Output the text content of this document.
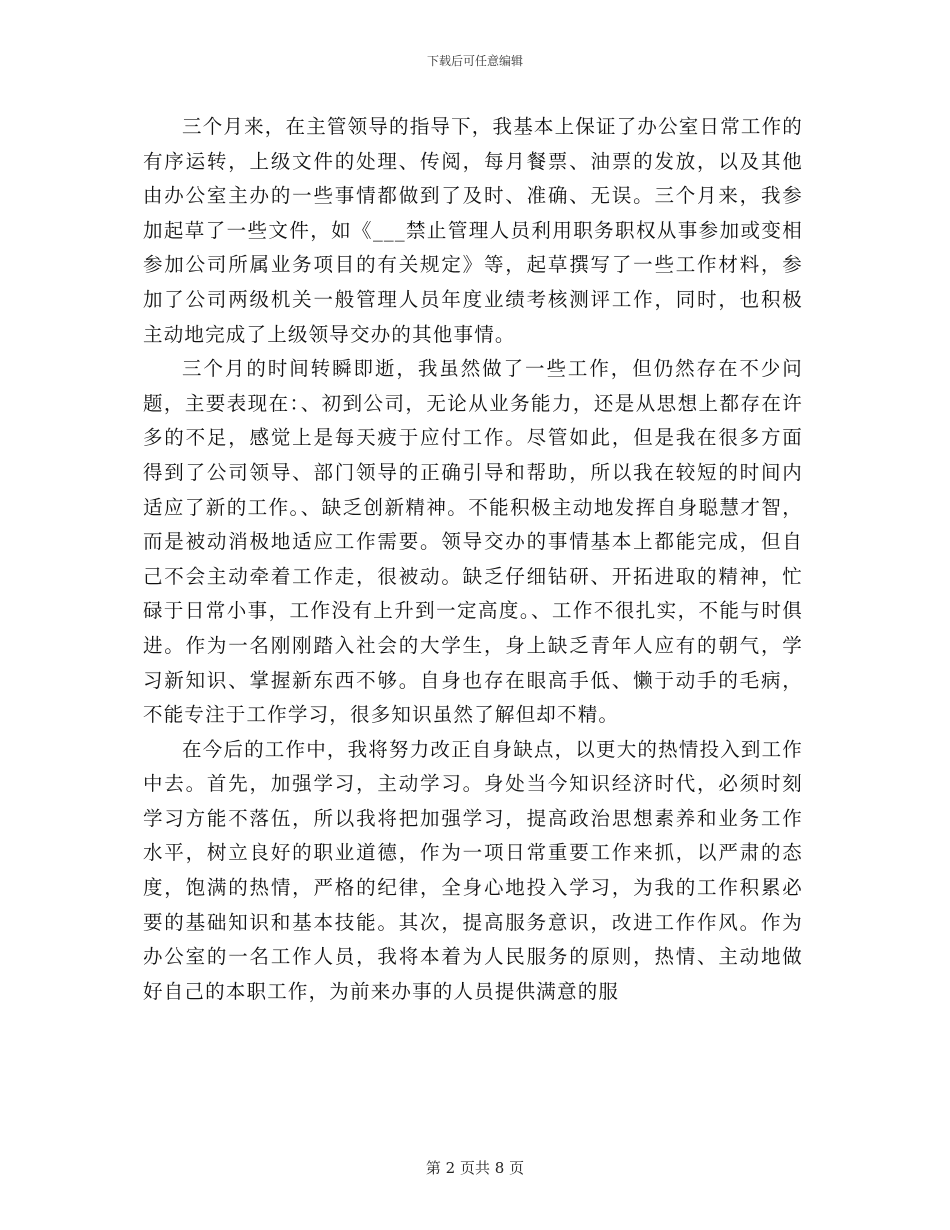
下载后可任意编辑

三个月来，在主管领导的指导下，我基本上保证了办公室日常工作的有序运转，上级文件的处理、传阅，每月餐票、油票的发放，以及其他由办公室主办的一些事情都做到了及时、准确、无误。三个月来，我参加起草了一些文件，如《___禁止管理人员利用职务职权从事参加或变相参加公司所属业务项目的有关规定》等，起草撰写了一些工作材料，参加了公司两级机关一般管理人员年度业绩考核测评工作，同时，也积极主动地完成了上级领导交办的其他事情。

三个月的时间转瞬即逝，我虽然做了一些工作，但仍然存在不少问题，主要表现在：、初到公司，无论从业务能力，还是从思想上都存在许多的不足，感觉上是每天疲于应付工作。尽管如此，但是我在很多方面得到了公司领导、部门领导的正确引导和帮助，所以我在较短的时间内适应了新的工作。、缺乏创新精神。不能积极主动地发挥自身聪慧才智，而是被动消极地适应工作需要。领导交办的事情基本上都能完成，但自己不会主动牵着工作走，很被动。缺乏仔细钻研、开拓进取的精神，忙碌于日常小事，工作没有上升到一定高度。、工作不很扎实，不能与时俱进。作为一名刚刚踏入社会的大学生，身上缺乏青年人应有的朝气，学习新知识、掌握新东西不够。自身也存在眼高手低、懒于动手的毛病，不能专注于工作学习，很多知识虽然了解但却不精。

在今后的工作中，我将努力改正自身缺点，以更大的热情投入到工作中去。首先，加强学习，主动学习。身处当今知识经济时代，必须时刻学习方能不落伍，所以我将把加强学习，提高政治思想素养和业务工作水平，树立良好的职业道德，作为一项日常重要工作来抓，以严肃的态度，饱满的热情，严格的纪律，全身心地投入学习，为我的工作积累必要的基础知识和基本技能。其次，提高服务意识，改进工作作风。作为办公室的一名工作人员，我将本着为人民服务的原则，热情、主动地做好自己的本职工作，为前来办事的人员提供满意的服

第 2 页共 8 页
